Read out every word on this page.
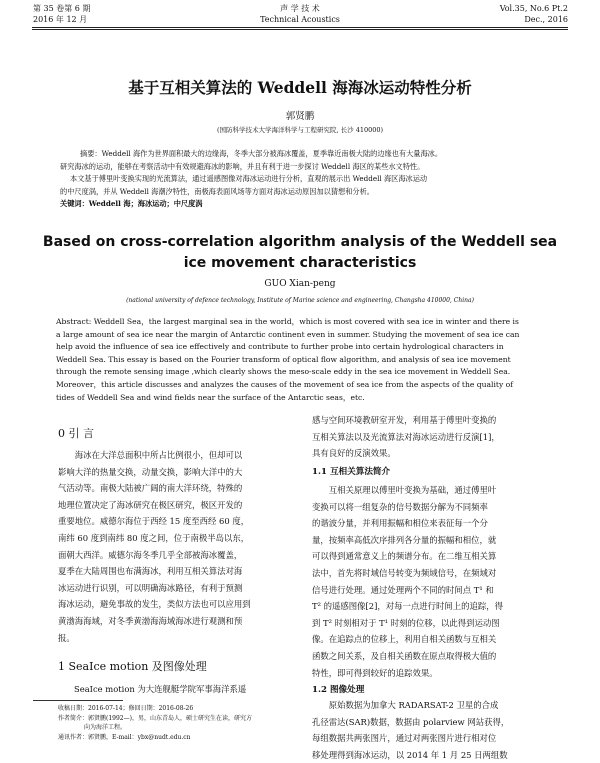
第 35 卷第 6 期
2016 年 12 月
声 学 技 术
Technical Acoustics
Vol.35, No.6 Pt.2
Dec., 2016
基于互相关算法的 Weddell 海海冰运动特性分析
郭贤鹏
(国防科学技术大学海洋科学与工程研究院, 长沙 410000)
摘要：Weddell 海作为世界面积最大的边缘海，冬季大部分被海冰覆盖，夏季靠近南极大陆的边缘也有大量海冰。
研究海冰的运动，能够在考察活动中有效规避海冰的影响，并且有利于进一步探讨 Weddell 海区的某些水文特性。
本文基于傅里叶变换实现的光流算法，通过遥感图像对海冰运动进行分析，直观的展示出 Weddell 海区海冰运动
的中尺度涡，并从 Weddell 海潮汐特性，南极海表面风场等方面对海冰运动原因加以猜想和分析。
关键词：Weddell 海；海冰运动；中尺度涡
Based on cross-correlation algorithm analysis of the Weddell sea
ice movement characteristics
GUO Xian-peng
(national university of defence technology, Institute of Marine science and engineering, Changsha 410000, China)
Abstract: Weddell Sea，the largest marginal sea in the world，which is most covered with sea ice in winter and there is
a large amount of sea ice near the margin of Antarctic continent even in summer. Studying the movement of sea ice can
help avoid the influence of sea ice effectively and contribute to further probe into certain hydrological characters in
Weddell Sea. This essay is based on the Fourier transform of optical flow algorithm, and analysis of sea ice movement
through the remote sensing image ,which clearly shows the meso-scale eddy in the sea ice movement in Weddell Sea.
Moreover，this article discusses and analyzes the causes of the movement of sea ice from the aspects of the quality of
tides of Weddell Sea and wind fields near the surface of the Antarctic seas，etc.
0 引 言
海冰在大洋总面积中所占比例很小，但却可以
影响大洋的热量交换，动量交换，影响大洋中的大
气活动等。南极大陆被广阔的南大洋环绕，特殊的
地理位置决定了海冰研究在极区研究，极区开发的
重要地位。威德尔海位于西经 15 度至西经 60 度，
南纬 60 度到南纬 80 度之间，位于南极半岛以东，
面朝大西洋。威德尔海冬季几乎全部被海冰覆盖，
夏季在大陆周围也布满海冰，利用互相关算法对海
冰运动进行识别，可以明确海冰路径，有利于预测
海冰运动，避免事故的发生，类似方法也可以应用到
黄渤海海域，对冬季黄渤海海域海冰进行观测和预
报。
1 SeaIce motion 及图像处理
SeaIce motion 为大连舰艇学院军事海洋系遥
收稿日期：2016-07-14；修回日期：2016-08-26
作者简介：郭贤鹏(1992—)，男，山东青岛人，硕士研究生在读，研究方
向为海洋工程。
通讯作者：郭贤鹏，E-mail：ybx@nudt.edu.cn
感与空间环境教研室开发，利用基于傅里叶变换的
互相关算法以及光流算法对海冰运动进行反演[1]，
具有良好的反演效果。
1.1 互相关算法简介
互相关原理以傅里叶变换为基础，通过傅里叶
变换可以将一组复杂的信号数据分解为不同频率
的谐波分量，并利用振幅和相位来表征每一个分
量，按频率高低次序排列各分量的振幅和相位，就
可以得到通常意义上的频谱分布。在二维互相关算
法中，首先将时域信号转变为频域信号，在频域对
信号进行处理。通过处理两个不同的时间点 T¹ 和
T² 的遥感图像[2]，对每一点进行时间上的追踪，得
到 T² 时刻相对于 T¹ 时刻的位移，以此得到运动图
像。在追踪点的位移上，利用自相关函数与互相关
函数之间关系，及自相关函数在原点取得极大值的
特性，即可得到较好的追踪效果。
1.2 图像处理
原始数据为加拿大 RADARSAT-2 卫星的合成
孔径雷达(SAR)数据，数据由 polarview 网站获得，
每组数据共两张图片，通过对两张图片进行相对位
移处理得到海冰运动，以 2014 年 1 月 25 日两组数
